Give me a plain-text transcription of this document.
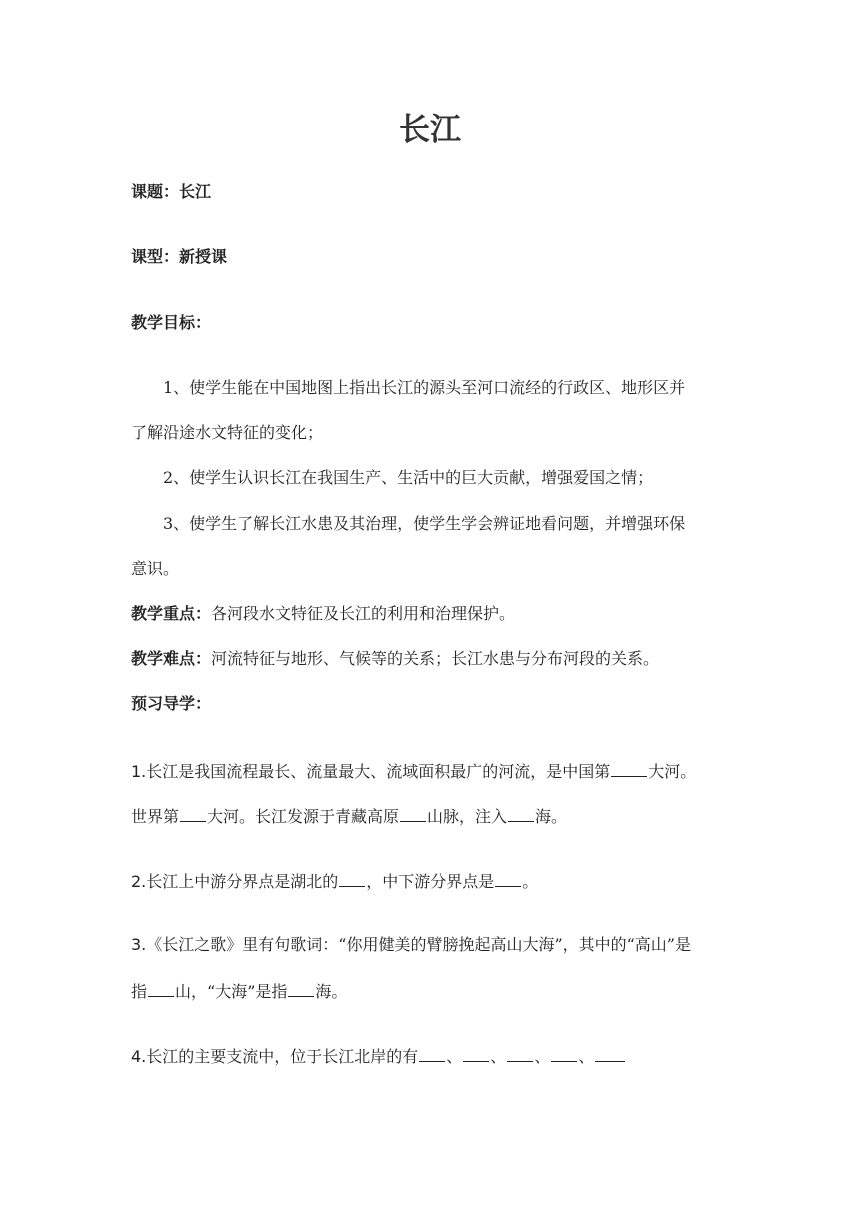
长江
课题：长江
课型：新授课
教学目标：
1、使学生能在中国地图上指出长江的源头至河口流经的行政区、地形区并
了解沿途水文特征的变化；
2、使学生认识长江在我国生产、生活中的巨大贡献，增强爱国之情；
3、使学生了解长江水患及其治理，使学生学会辨证地看问题，并增强环保
意识。
教学重点：各河段水文特征及长江的利用和治理保护。
教学难点：河流特征与地形、气候等的关系；长江水患与分布河段的关系。
预习导学：
1.长江是我国流程最长、流量最大、流域面积最广的河流，是中国第 大河。
世界第 大河。长江发源于青藏高原 山脉，注入 海。
2.长江上中游分界点是湖北的 ，中下游分界点是 。
3.《长江之歌》里有句歌词：“你用健美的臂膀挽起高山大海”，其中的“高山”是
指 山，“大海”是指 海。
4.长江的主要支流中，位于长江北岸的有 、 、 、 、
